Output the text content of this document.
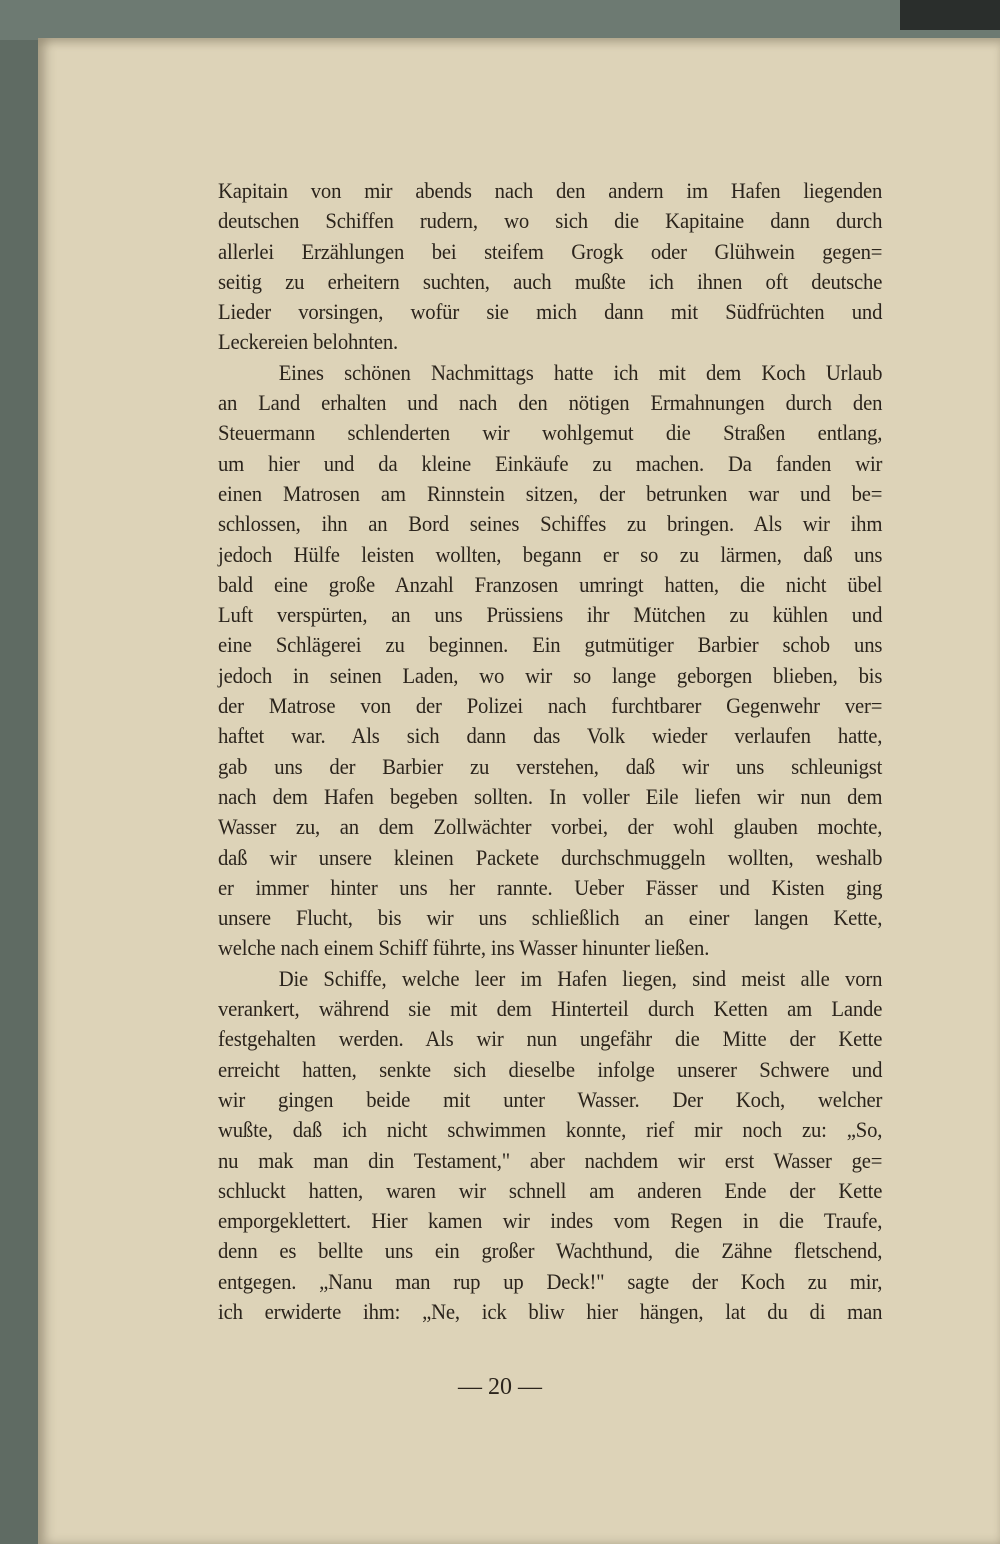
Kapitain von mir abends nach den andern im Hafen liegenden
deutschen Schiffen rudern, wo sich die Kapitaine dann durch
allerlei Erzählungen bei steifem Grogk oder Glühwein gegen=
seitig zu erheitern suchten, auch mußte ich ihnen oft deutsche
Lieder vorsingen, wofür sie mich dann mit Südfrüchten und
Leckereien belohnten.
Eines schönen Nachmittags hatte ich mit dem Koch Urlaub
an Land erhalten und nach den nötigen Ermahnungen durch den
Steuermann schlenderten wir wohlgemut die Straßen entlang,
um hier und da kleine Einkäufe zu machen. Da fanden wir
einen Matrosen am Rinnstein sitzen, der betrunken war und be=
schlossen, ihn an Bord seines Schiffes zu bringen. Als wir ihm
jedoch Hülfe leisten wollten, begann er so zu lärmen, daß uns
bald eine große Anzahl Franzosen umringt hatten, die nicht übel
Luft verspürten, an uns Prüssiens ihr Mütchen zu kühlen und
eine Schlägerei zu beginnen. Ein gutmütiger Barbier schob uns
jedoch in seinen Laden, wo wir so lange geborgen blieben, bis
der Matrose von der Polizei nach furchtbarer Gegenwehr ver=
haftet war. Als sich dann das Volk wieder verlaufen hatte,
gab uns der Barbier zu verstehen, daß wir uns schleunigst
nach dem Hafen begeben sollten. In voller Eile liefen wir nun dem
Wasser zu, an dem Zollwächter vorbei, der wohl glauben mochte,
daß wir unsere kleinen Packete durchschmuggeln wollten, weshalb
er immer hinter uns her rannte. Ueber Fässer und Kisten ging
unsere Flucht, bis wir uns schließlich an einer langen Kette,
welche nach einem Schiff führte, ins Wasser hinunter ließen.
Die Schiffe, welche leer im Hafen liegen, sind meist alle vorn
verankert, während sie mit dem Hinterteil durch Ketten am Lande
festgehalten werden. Als wir nun ungefähr die Mitte der Kette
erreicht hatten, senkte sich dieselbe infolge unserer Schwere und
wir gingen beide mit unter Wasser. Der Koch, welcher
wußte, daß ich nicht schwimmen konnte, rief mir noch zu: „So,
nu mak man din Testament," aber nachdem wir erst Wasser ge=
schluckt hatten, waren wir schnell am anderen Ende der Kette
emporgeklettert. Hier kamen wir indes vom Regen in die Traufe,
denn es bellte uns ein großer Wachthund, die Zähne fletschend,
entgegen. „Nanu man rup up Deck!" sagte der Koch zu mir,
ich erwiderte ihm: „Ne, ick bliw hier hängen, lat du di man
— 20 —
